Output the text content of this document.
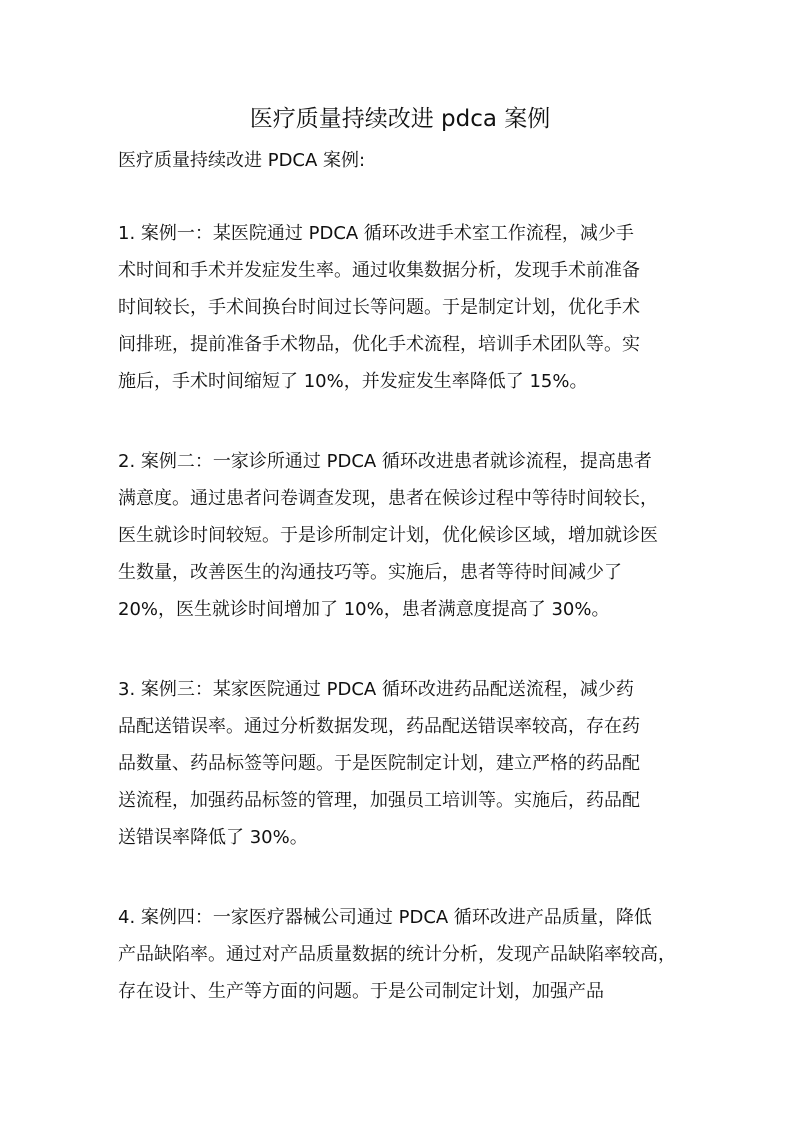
医疗质量持续改进 pdca 案例

医疗质量持续改进 PDCA 案例:

1. 案例一：某医院通过 PDCA 循环改进手术室工作流程，减少手
术时间和手术并发症发生率。通过收集数据分析，发现手术前准备
时间较长，手术间换台时间过长等问题。于是制定计划，优化手术
间排班，提前准备手术物品，优化手术流程，培训手术团队等。实
施后，手术时间缩短了 10%，并发症发生率降低了 15%。
2. 案例二：一家诊所通过 PDCA 循环改进患者就诊流程，提高患者
满意度。通过患者问卷调查发现，患者在候诊过程中等待时间较长，
医生就诊时间较短。于是诊所制定计划，优化候诊区域，增加就诊医
生数量，改善医生的沟通技巧等。实施后，患者等待时间减少了
20%，医生就诊时间增加了 10%，患者满意度提高了 30%。
3. 案例三：某家医院通过 PDCA 循环改进药品配送流程，减少药
品配送错误率。通过分析数据发现，药品配送错误率较高，存在药
品数量、药品标签等问题。于是医院制定计划，建立严格的药品配
送流程，加强药品标签的管理，加强员工培训等。实施后，药品配
送错误率降低了 30%。
4. 案例四：一家医疗器械公司通过 PDCA 循环改进产品质量，降低
产品缺陷率。通过对产品质量数据的统计分析，发现产品缺陷率较高，
存在设计、生产等方面的问题。于是公司制定计划，加强产品
